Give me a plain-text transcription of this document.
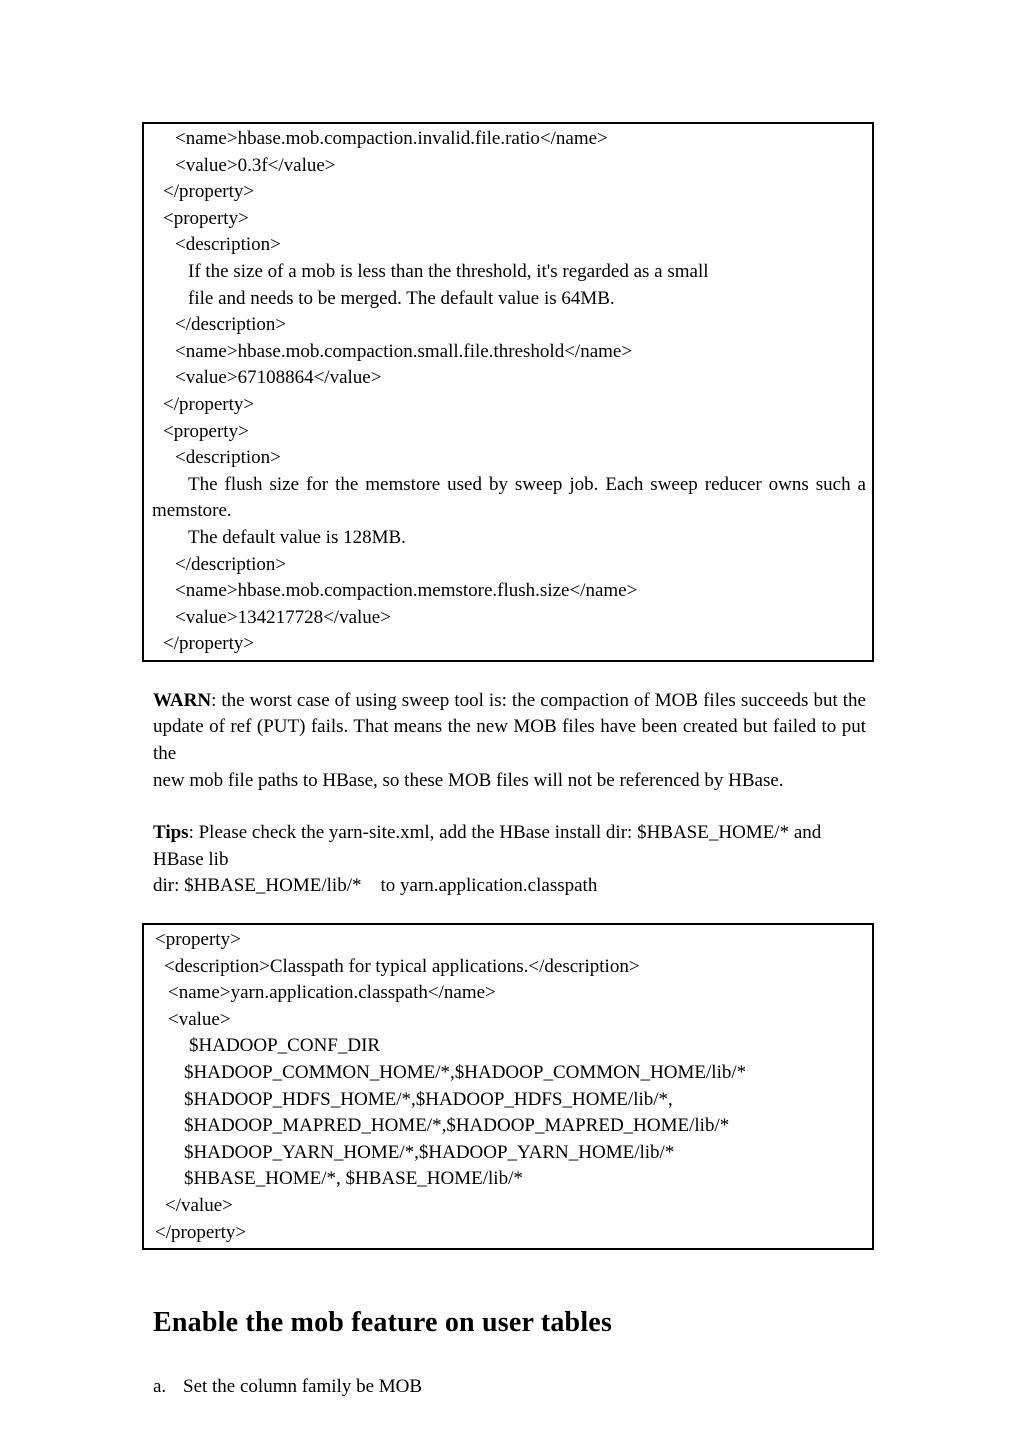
<name>hbase.mob.compaction.invalid.file.ratio</name>
<value>0.3f</value>
</property>
<property>
<description>
If the size of a mob is less than the threshold, it's regarded as a small
file and needs to be merged. The default value is 64MB.
</description>
<name>hbase.mob.compaction.small.file.threshold</name>
<value>67108864</value>
</property>
<property>
<description>
The flush size for the memstore used by sweep job. Each sweep reducer owns such a
memstore.
The default value is 128MB.
</description>
<name>hbase.mob.compaction.memstore.flush.size</name>
<value>134217728</value>
</property>
WARN: the worst case of using sweep tool is: the compaction of MOB files succeeds but the
update of ref (PUT) fails. That means the new MOB files have been created but failed to put the
new mob file paths to HBase, so these MOB files will not be referenced by HBase.
Tips: Please check the yarn-site.xml, add the HBase install dir: $HBASE_HOME/* and HBase lib
dir: $HBASE_HOME/lib/*    to yarn.application.classpath
<property>
<description>Classpath for typical applications.</description>
<name>yarn.application.classpath</name>
<value>
$HADOOP_CONF_DIR
$HADOOP_COMMON_HOME/*,$HADOOP_COMMON_HOME/lib/*
$HADOOP_HDFS_HOME/*,$HADOOP_HDFS_HOME/lib/*,
$HADOOP_MAPRED_HOME/*,$HADOOP_MAPRED_HOME/lib/*
$HADOOP_YARN_HOME/*,$HADOOP_YARN_HOME/lib/*
$HBASE_HOME/*, $HBASE_HOME/lib/*
</value>
</property>
Enable the mob feature on user tables
a. Set the column family be MOB
